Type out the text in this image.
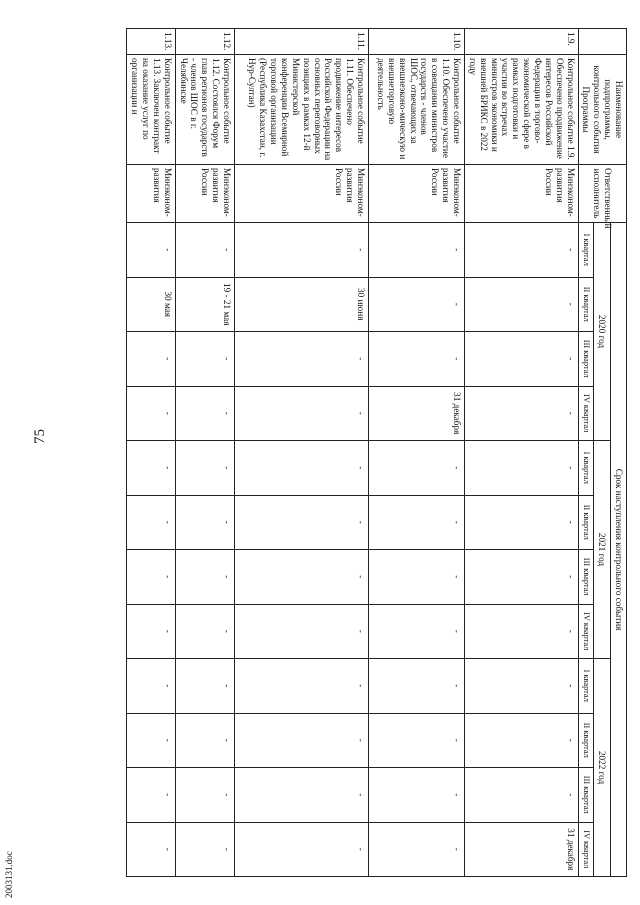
75
2003131.doc
	Наименование подпрограммы, контрольного события Программы	Ответственный исполнитель	Срок наступления контрольного события											
			2020 год				2021 год				2022 год			
			I квартал	II квартал	III квартал	IV квартал	I квартал	II квартал	III квартал	IV квартал	I квартал	II квартал	III квартал	IV квартал
1.9.	Контрольное событие 1.9. Обеспечено продвижение интересов Российской Федерации в торгово-экономической сфере в рамках подготовки и участия во встречах министров экономики и внешней БРИКС в 2022 году	Минэконом-развития России	-	-	-	-	-	-	-	-	-	-	-	31 декабря
1.10.	Контрольное событие 1.10. Обеспечено участие в совещании министров государств - членов ШОС, отвечающих за внешнеэконо-мическую и внешнеторговую деятельность	Минэконом-развития России	-	-	-	31 декабря	-	-	-	-	-	-	-	-
1.11.	Контрольное событие 1.11. Обеспечено продвижение интересов Российской Федерации на основных переговорных позициях в рамках 12-й Министерской конференции Всемирной торговой организации (Республика Казахстан, г. Нур-Султан)	Минэконом-развития России	-	30 июня	-	-	-	-	-	-	-	-	-	-
1.12.	Контрольное событие 1.12. Состоялся Форум глав регионов государств - членов ШОС в г. Челябинске	Минэконом-развития России	-	19 - 21 мая	-	-	-	-	-	-	-	-	-	-
1.13.	Контрольное событие 1.13. Заключен контракт на оказание услуг по организации и	Минэконом-развития	-	30 мая	-	-	-	-	-	-	-	-	-	-
